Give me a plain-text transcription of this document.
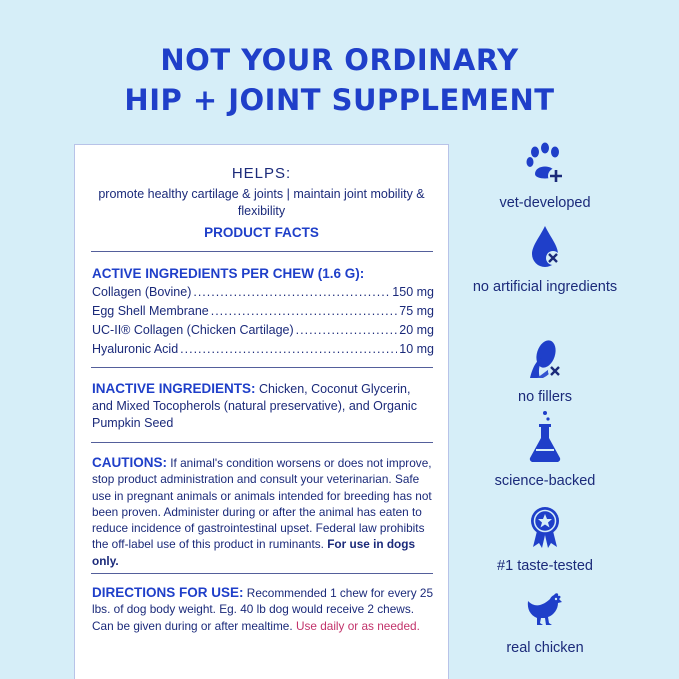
NOT YOUR ORDINARY
HIP + JOINT SUPPLEMENT
HELPS:
promote healthy cartilage & joints | maintain joint mobility & flexibility
PRODUCT FACTS
ACTIVE INGREDIENTS PER CHEW (1.6 G):
Collagen (Bovine) .....	150 mg
Egg Shell Membrane .....	75 mg
UC-II® Collagen (Chicken Cartilage) .....	20 mg
Hyaluronic Acid .....	10 mg
INACTIVE INGREDIENTS: Chicken, Coconut Glycerin, and Mixed Tocopherols (natural preservative), and Organic Pumpkin Seed
CAUTIONS: If animal's condition worsens or does not improve, stop product administration and consult your veterinarian. Safe use in pregnant animals or animals intended for breeding has not been proven. Administer during or after the animal has eaten to reduce incidence of gastrointestinal upset. Federal law prohibits the off-label use of this product in ruminants. For use in dogs only.
DIRECTIONS FOR USE: Recommended 1 chew for every 25 lbs. of dog body weight. Eg. 40 lb dog would receive 2 chews. Can be given during or after mealtime. Use daily or as needed.
vet-developed
no artificial ingredients
no fillers
science-backed
#1 taste-tested
real chicken
